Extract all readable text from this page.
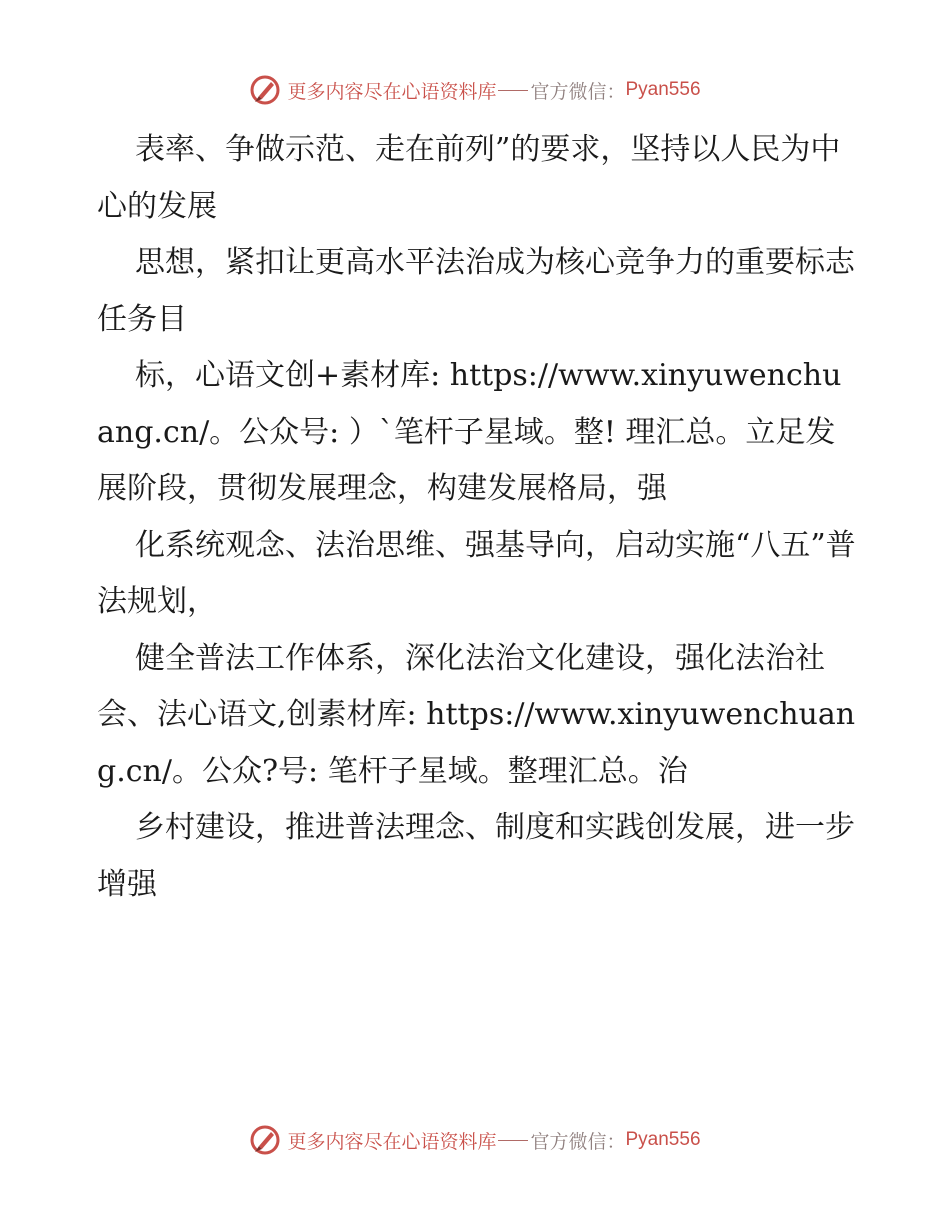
更多内容尽在心语资料库 官方微信： Pyan556

表率、争做示范、走在前列”的要求，坚持以人民为中心的发展

思想，紧扣让更高水平法治成为核心竞争力的重要标志任务目

标，心语文创+素材库: https://www.xinyuwenchuang.cn/。公众号: ）`笔杆子星域。整! 理汇总。立足发展阶段，贯彻发展理念，构建发展格局，强

化系统观念、法治思维、强基导向，启动实施“八五”普法规划，

健全普法工作体系，深化法治文化建设，强化法治社会、法心语文,创素材库: https://www.xinyuwenchuang.cn/。公众?号: 笔杆子星域。整理汇总。治

乡村建设，推进普法理念、制度和实践创发展，进一步增强

更多内容尽在心语资料库 官方微信： Pyan556
